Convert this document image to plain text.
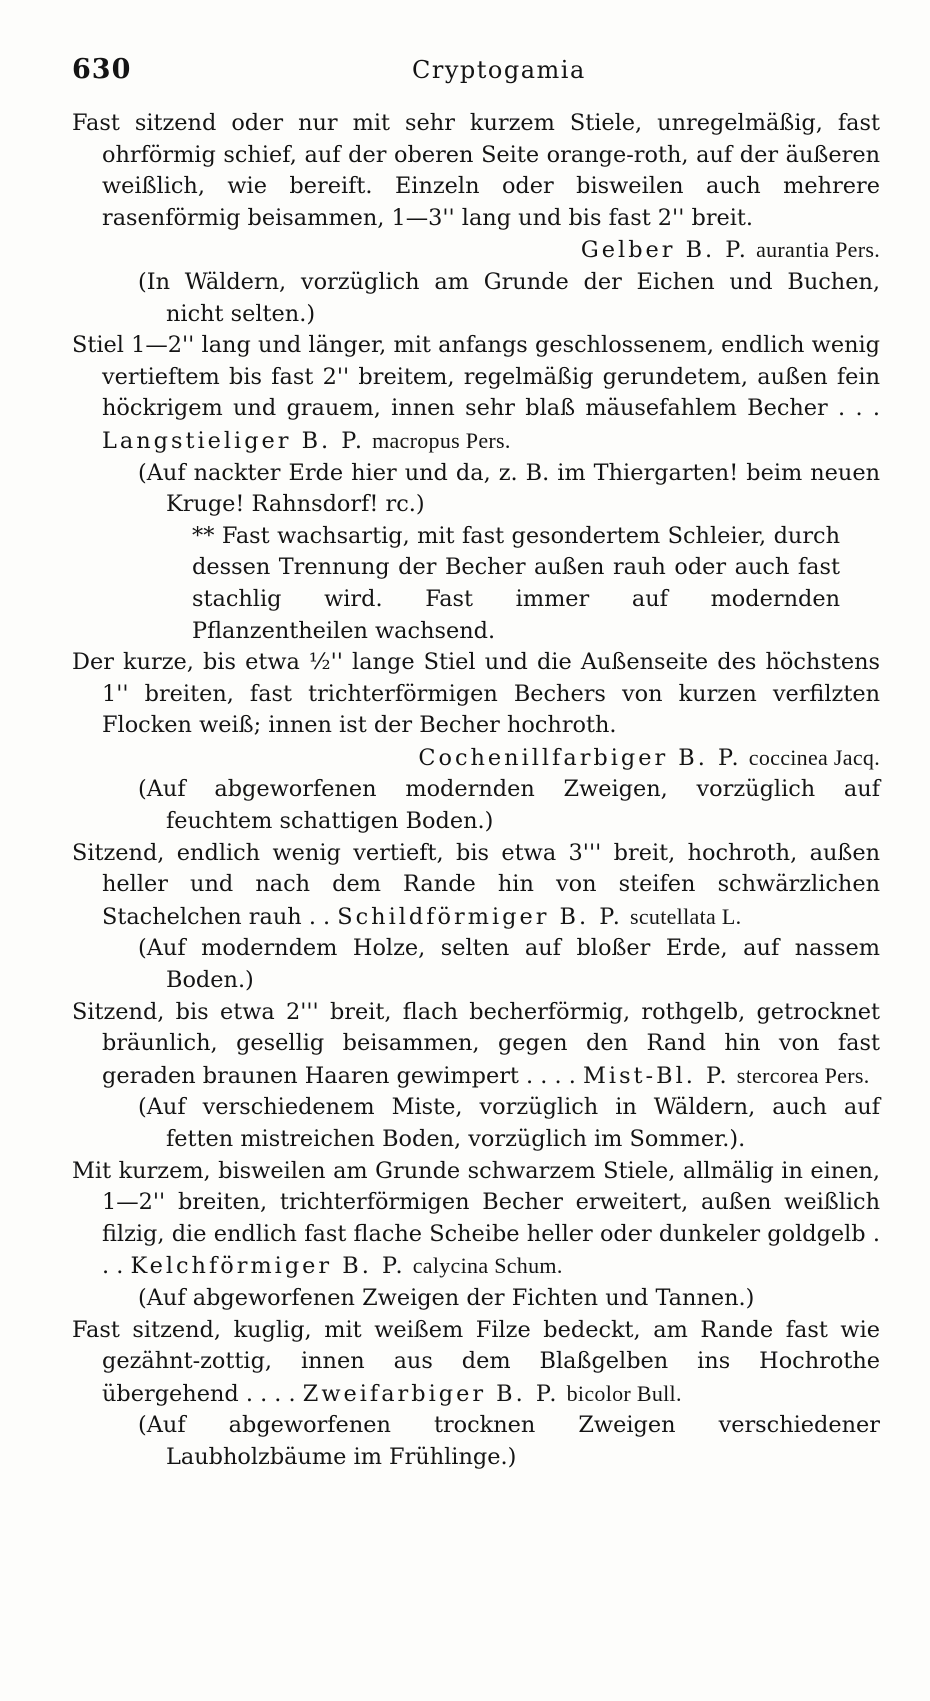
630	Cryptogamia

Fast sitzend oder nur mit sehr kurzem Stiele, unregelmäßig, fast ohrförmig schief, auf der oberen Seite orange-roth, auf der äußeren weißlich, wie bereift. Einzeln oder bisweilen auch mehrere rasenförmig beisammen, 1—3'' lang und bis fast 2'' breit.

Gelber B. P. aurantia Pers.

(In Wäldern, vorzüglich am Grunde der Eichen und Buchen, nicht selten.)

Stiel 1—2'' lang und länger, mit anfangs geschlossenem, endlich wenig vertieftem bis fast 2'' breitem, regelmäßig gerundetem, außen fein höckrigem und grauem, innen sehr blaß mäusefahlem Becher . . . Langstieliger B. P. macropus Pers.

(Auf nackter Erde hier und da, z. B. im Thiergarten! beim neuen Kruge! Rahnsdorf! rc.)

** Fast wachsartig, mit fast gesondertem Schleier, durch dessen Trennung der Becher außen rauh oder auch fast stachlig wird. Fast immer auf modernden Pflanzentheilen wachsend.

Der kurze, bis etwa ½'' lange Stiel und die Außenseite des höchstens 1'' breiten, fast trichterförmigen Bechers von kurzen verfilzten Flocken weiß; innen ist der Becher hochroth.

Cochenillfarbiger B. P. coccinea Jacq.

(Auf abgeworfenen modernden Zweigen, vorzüglich auf feuchtem schattigen Boden.)

Sitzend, endlich wenig vertieft, bis etwa 3''' breit, hochroth, außen heller und nach dem Rande hin von steifen schwärzlichen Stachelchen rauh . . Schildförmiger B. P. scutellata L.

(Auf moderndem Holze, selten auf bloßer Erde, auf nassem Boden.)

Sitzend, bis etwa 2''' breit, flach becherförmig, rothgelb, getrocknet bräunlich, gesellig beisammen, gegen den Rand hin von fast geraden braunen Haaren gewimpert . . . . Mist-Bl. P. stercorea Pers.

(Auf verschiedenem Miste, vorzüglich in Wäldern, auch auf fetten mistreichen Boden, vorzüglich im Sommer.).

Mit kurzem, bisweilen am Grunde schwarzem Stiele, allmälig in einen, 1—2'' breiten, trichterförmigen Becher erweitert, außen weißlich filzig, die endlich fast flache Scheibe heller oder dunkeler goldgelb . . . Kelchförmiger B. P. calycina Schum.

(Auf abgeworfenen Zweigen der Fichten und Tannen.)

Fast sitzend, kuglig, mit weißem Filze bedeckt, am Rande fast wie gezähnt-zottig, innen aus dem Blaßgelben ins Hochrothe übergehend . . . . Zweifarbiger B. P. bicolor Bull.

(Auf abgeworfenen trocknen Zweigen verschiedener Laubholzbäume im Frühlinge.)
